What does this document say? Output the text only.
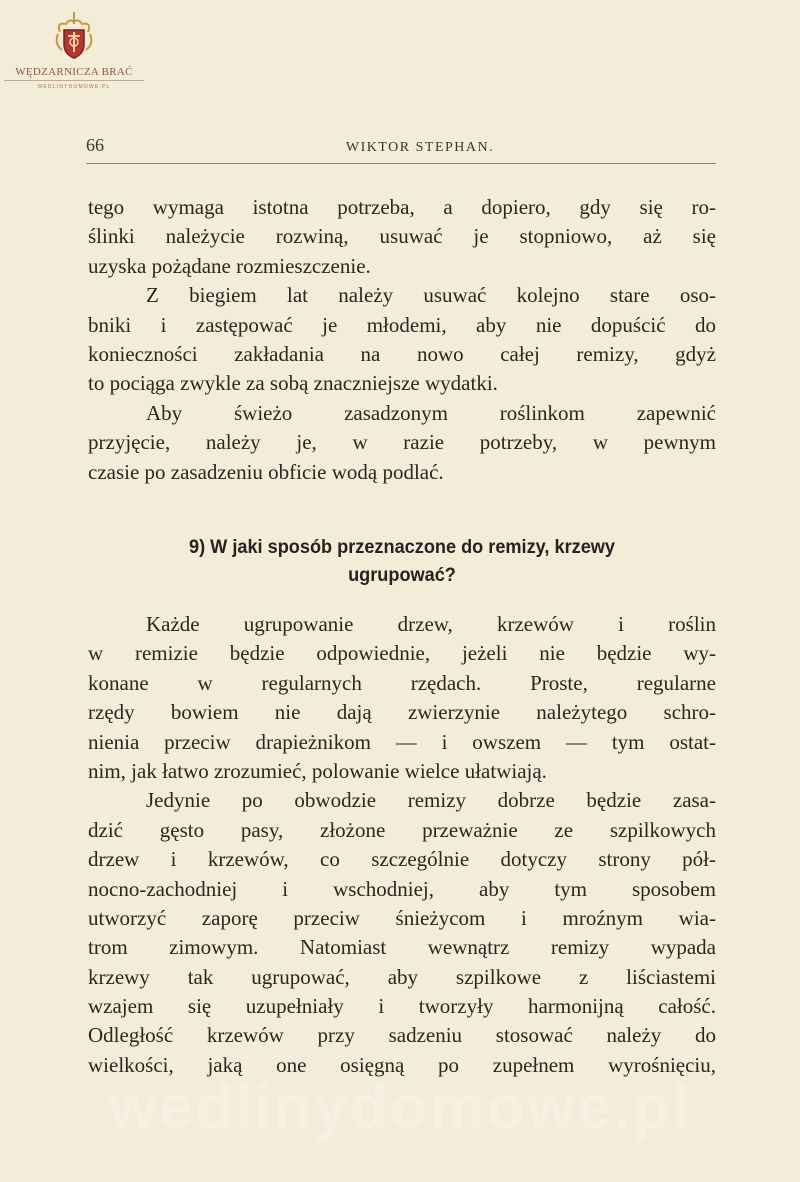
WĘDZARNICZA BRAĆ
WEDLINYDOMOWE.PL
66	WIKTOR STEPHAN.
tego wymaga istotna potrzeba, a dopiero, gdy się ro-
ślinki należycie rozwiną, usuwać je stopniowo, aż się
uzyska pożądane rozmieszczenie.
Z biegiem lat należy usuwać kolejno stare oso-
bniki i zastępować je młodemi, aby nie dopuścić do
konieczności zakładania na nowo całej remizy, gdyż
to pociąga zwykle za sobą znaczniejsze wydatki.
Aby świeżo zasadzonym roślinkom zapewnić
przyjęcie, należy je, w razie potrzeby, w pewnym
czasie po zasadzeniu obficie wodą podlać.
9) W jaki sposób przeznaczone do remizy, krzewy
ugrupować?
Każde ugrupowanie drzew, krzewów i roślin
w remizie będzie odpowiednie, jeżeli nie będzie wy-
konane w regularnych rzędach. Proste, regularne
rzędy bowiem nie dają zwierzynie należytego schro-
nienia przeciw drapieżnikom — i owszem — tym ostat-
nim, jak łatwo zrozumieć, polowanie wielce ułatwiają.
Jedynie po obwodzie remizy dobrze będzie zasa-
dzić gęsto pasy, złożone przeważnie ze szpilkowych
drzew i krzewów, co szczególnie dotyczy strony pół-
nocno-zachodniej i wschodniej, aby tym sposobem
utworzyć zaporę przeciw śnieżycom i mroźnym wia-
trom zimowym. Natomiast wewnątrz remizy wypada
krzewy tak ugrupować, aby szpilkowe z liściastemi
wzajem się uzupełniały i tworzyły harmonijną całość.
Odległość krzewów przy sadzeniu stosować należy do
wielkości, jaką one osięgną po zupełnem wyrośnięciu,
wedlinydomowe.pl
